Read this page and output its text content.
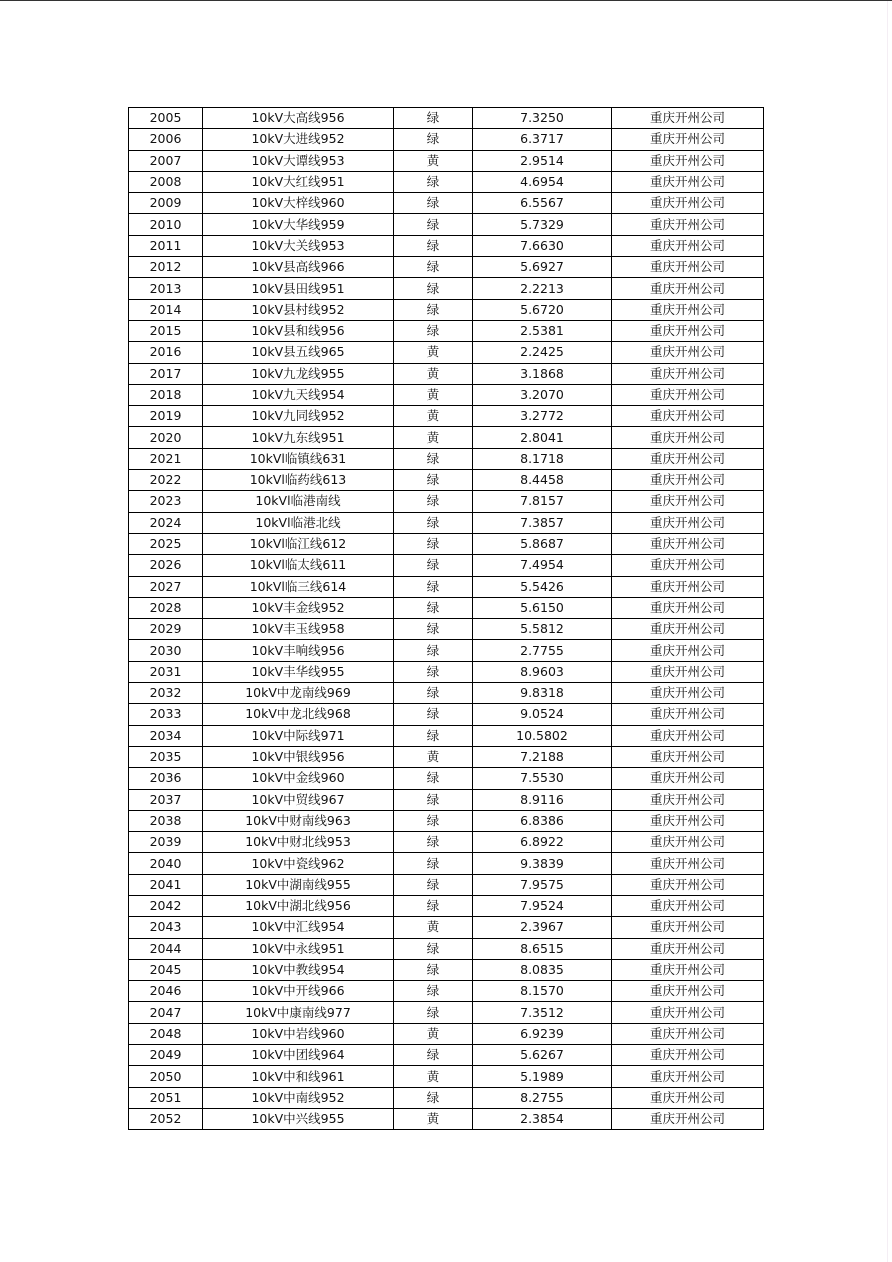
2005	10kV大高线956	绿	7.3250	重庆开州公司
2006	10kV大进线952	绿	6.3717	重庆开州公司
2007	10kV大谭线953	黄	2.9514	重庆开州公司
2008	10kV大红线951	绿	4.6954	重庆开州公司
2009	10kV大梓线960	绿	6.5567	重庆开州公司
2010	10kV大华线959	绿	5.7329	重庆开州公司
2011	10kV大关线953	绿	7.6630	重庆开州公司
2012	10kV县高线966	绿	5.6927	重庆开州公司
2013	10kV县田线951	绿	2.2213	重庆开州公司
2014	10kV县村线952	绿	5.6720	重庆开州公司
2015	10kV县和线956	绿	2.5381	重庆开州公司
2016	10kV县五线965	黄	2.2425	重庆开州公司
2017	10kV九龙线955	黄	3.1868	重庆开州公司
2018	10kV九天线954	黄	3.2070	重庆开州公司
2019	10kV九同线952	黄	3.2772	重庆开州公司
2020	10kV九东线951	黄	2.8041	重庆开州公司
2021	10kVl临镇线631	绿	8.1718	重庆开州公司
2022	10kVl临药线613	绿	8.4458	重庆开州公司
2023	10kVl临港南线	绿	7.8157	重庆开州公司
2024	10kVl临港北线	绿	7.3857	重庆开州公司
2025	10kVl临江线612	绿	5.8687	重庆开州公司
2026	10kVl临太线611	绿	7.4954	重庆开州公司
2027	10kVl临三线614	绿	5.5426	重庆开州公司
2028	10kV丰金线952	绿	5.6150	重庆开州公司
2029	10kV丰玉线958	绿	5.5812	重庆开州公司
2030	10kV丰响线956	绿	2.7755	重庆开州公司
2031	10kV丰华线955	绿	8.9603	重庆开州公司
2032	10kV中龙南线969	绿	9.8318	重庆开州公司
2033	10kV中龙北线968	绿	9.0524	重庆开州公司
2034	10kV中际线971	绿	10.5802	重庆开州公司
2035	10kV中银线956	黄	7.2188	重庆开州公司
2036	10kV中金线960	绿	7.5530	重庆开州公司
2037	10kV中贸线967	绿	8.9116	重庆开州公司
2038	10kV中财南线963	绿	6.8386	重庆开州公司
2039	10kV中财北线953	绿	6.8922	重庆开州公司
2040	10kV中瓷线962	绿	9.3839	重庆开州公司
2041	10kV中湖南线955	绿	7.9575	重庆开州公司
2042	10kV中湖北线956	绿	7.9524	重庆开州公司
2043	10kV中汇线954	黄	2.3967	重庆开州公司
2044	10kV中永线951	绿	8.6515	重庆开州公司
2045	10kV中教线954	绿	8.0835	重庆开州公司
2046	10kV中开线966	绿	8.1570	重庆开州公司
2047	10kV中康南线977	绿	7.3512	重庆开州公司
2048	10kV中岩线960	黄	6.9239	重庆开州公司
2049	10kV中团线964	绿	5.6267	重庆开州公司
2050	10kV中和线961	黄	5.1989	重庆开州公司
2051	10kV中南线952	绿	8.2755	重庆开州公司
2052	10kV中兴线955	黄	2.3854	重庆开州公司
